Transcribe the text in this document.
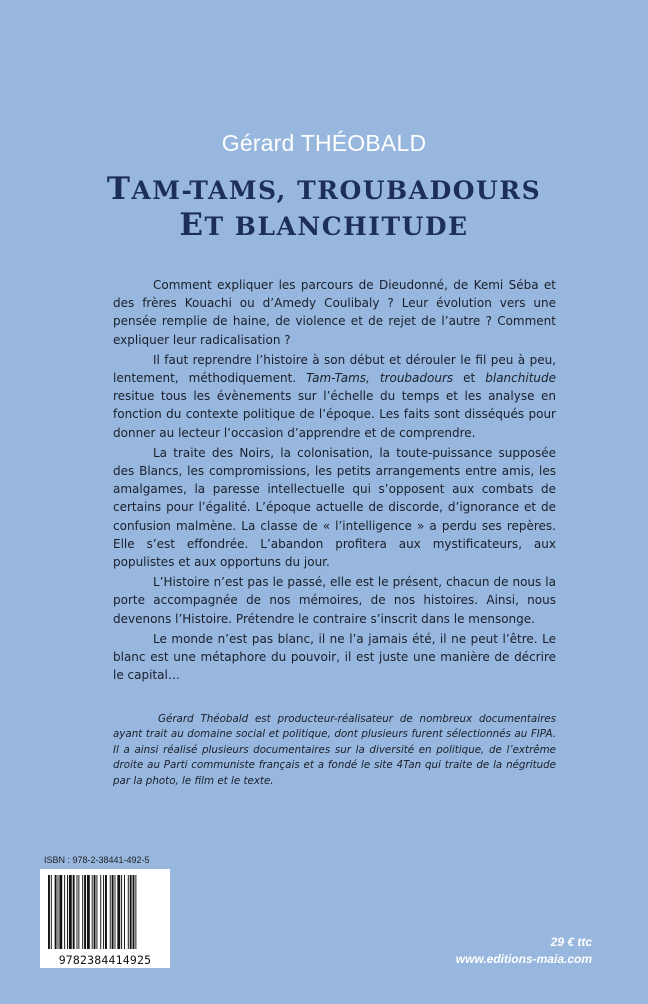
Gérard THÉOBALD
TAM-TAMS, TROUBADOURS
ET BLANCHITUDE

Comment expliquer les parcours de Dieudonné, de Kemi Séba et des frères Kouachi ou d’Amedy Coulibaly ? Leur évolution vers une pensée remplie de haine, de violence et de rejet de l’autre ? Comment expliquer leur radicalisation ?

Il faut reprendre l’histoire à son début et dérouler le fil peu à peu, lentement, méthodiquement. Tam-Tams, troubadours et blanchitude resitue tous les évènements sur l’échelle du temps et les analyse en fonction du contexte politique de l’époque. Les faits sont disséqués pour donner au lecteur l’occasion d’apprendre et de comprendre.

La traite des Noirs, la colonisation, la toute-puissance supposée des Blancs, les compromissions, les petits arrangements entre amis, les amalgames, la paresse intellectuelle qui s’opposent aux combats de certains pour l’égalité. L’époque actuelle de discorde, d’ignorance et de confusion malmène. La classe de « l’intelligence » a perdu ses repères. Elle s’est effondrée. L’abandon profitera aux mystificateurs, aux populistes et aux opportuns du jour.

L’Histoire n’est pas le passé, elle est le présent, chacun de nous la porte accompagnée de nos mémoires, de nos histoires. Ainsi, nous devenons l’Histoire. Prétendre le contraire s’inscrit dans le mensonge.

Le monde n’est pas blanc, il ne l’a jamais été, il ne peut l’être. Le blanc est une métaphore du pouvoir, il est juste une manière de décrire le capital…

Gérard Théobald est producteur-réalisateur de nombreux documentaires ayant trait au domaine social et politique, dont plusieurs furent sélectionnés au FIPA. Il a ainsi réalisé plusieurs documentaires sur la diversité en politique, de l’extrême droite au Parti communiste français et a fondé le site 4Tan qui traite de la négritude par la photo, le film et le texte.

ISBN : 978-2-38441-492-5
9782384414925
29 € ttc
www.editions-maia.com
